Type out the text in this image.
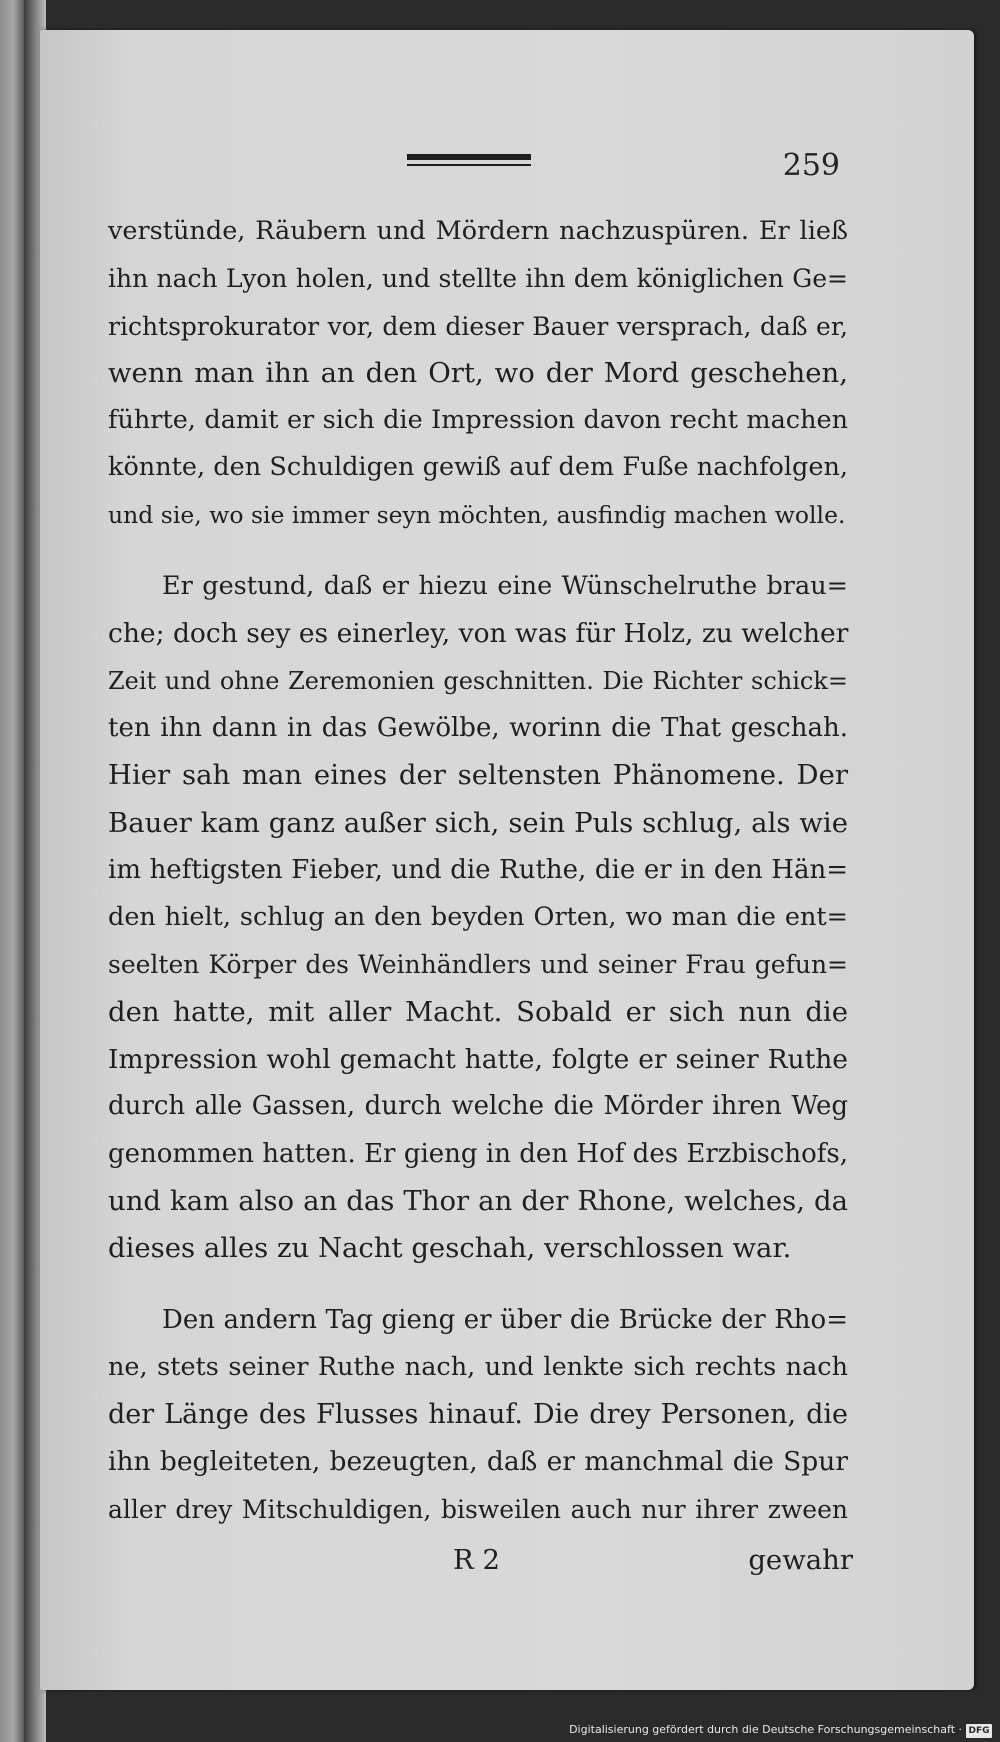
259

verstünde, Räubern und Mördern nachzuspüren. Er ließ
ihn nach Lyon holen, und stellte ihn dem königlichen Ge=
richtsprokurator vor, dem dieser Bauer versprach, daß er,
wenn man ihn an den Ort, wo der Mord geschehen,
führte, damit er sich die Impression davon recht machen
könnte, den Schuldigen gewiß auf dem Fuße nachfolgen,
und sie, wo sie immer seyn möchten, ausfindig machen wolle.

Er gestund, daß er hiezu eine Wünschelruthe brau=

che; doch sey es einerley, von was für Holz, zu welcher
Zeit und ohne Zeremonien geschnitten. Die Richter schick=
ten ihn dann in das Gewölbe, worinn die That geschah.
Hier sah man eines der seltensten Phänomene. Der
Bauer kam ganz außer sich, sein Puls schlug, als wie
im heftigsten Fieber, und die Ruthe, die er in den Hän=
den hielt, schlug an den beyden Orten, wo man die ent=
seelten Körper des Weinhändlers und seiner Frau gefun=
den hatte, mit aller Macht. Sobald er sich nun die
Impression wohl gemacht hatte, folgte er seiner Ruthe
durch alle Gassen, durch welche die Mörder ihren Weg
genommen hatten. Er gieng in den Hof des Erzbischofs,
und kam also an das Thor an der Rhone, welches, da
dieses alles zu Nacht geschah, verschlossen war.

Den andern Tag gieng er über die Brücke der Rho=

ne, stets seiner Ruthe nach, und lenkte sich rechts nach
der Länge des Flusses hinauf. Die drey Personen, die
ihn begleiteten, bezeugten, daß er manchmal die Spur
aller drey Mitschuldigen, bisweilen auch nur ihrer zween

R 2	gewahr
Digitalisierung gefördert durch die Deutsche Forschungsgemeinschaft · DFG
